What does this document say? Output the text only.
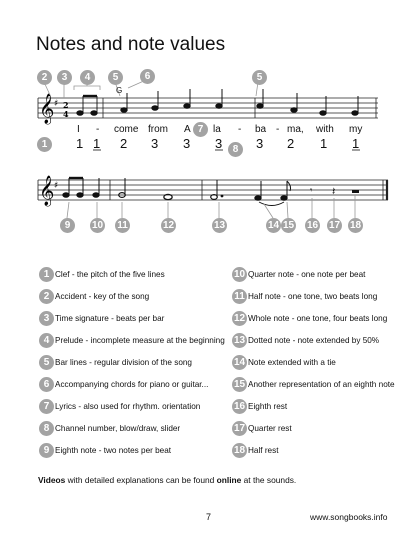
Notes and note values
𝄞 ♯ 2
4
𝄞 ♯	𝄾 𝄽
2	3	4	5	6	5
1
7
8
9	10 11	12	13	14 15 16 17 18
G
I - come from A la - ba - ma, with my
1 1 2 3 3 3	3 2 1 1
1 Clef - the pitch of the five lines
2 Accident - key of the song
3 Time signature - beats per bar
4 Prelude - incomplete measure at the beginning
5 Bar lines - regular division of the song
6 Accompanying chords for piano or guitar...
7 Lyrics - also used for rhythm. orientation
8 Channel number, blow/draw, slider
9 Eighth note - two notes per beat
10 Quarter note - one note per beat
11 Half note - one tone, two beats long
12 Whole note - one tone, four beats long
13 Dotted note - note extended by 50%
14 Note extended with a tie
15 Another representation of an eighth note
16 Eighth rest
17 Quarter rest
18 Half rest
Videos with detailed explanations can be found online at the sounds.
7	www.songbooks.info
